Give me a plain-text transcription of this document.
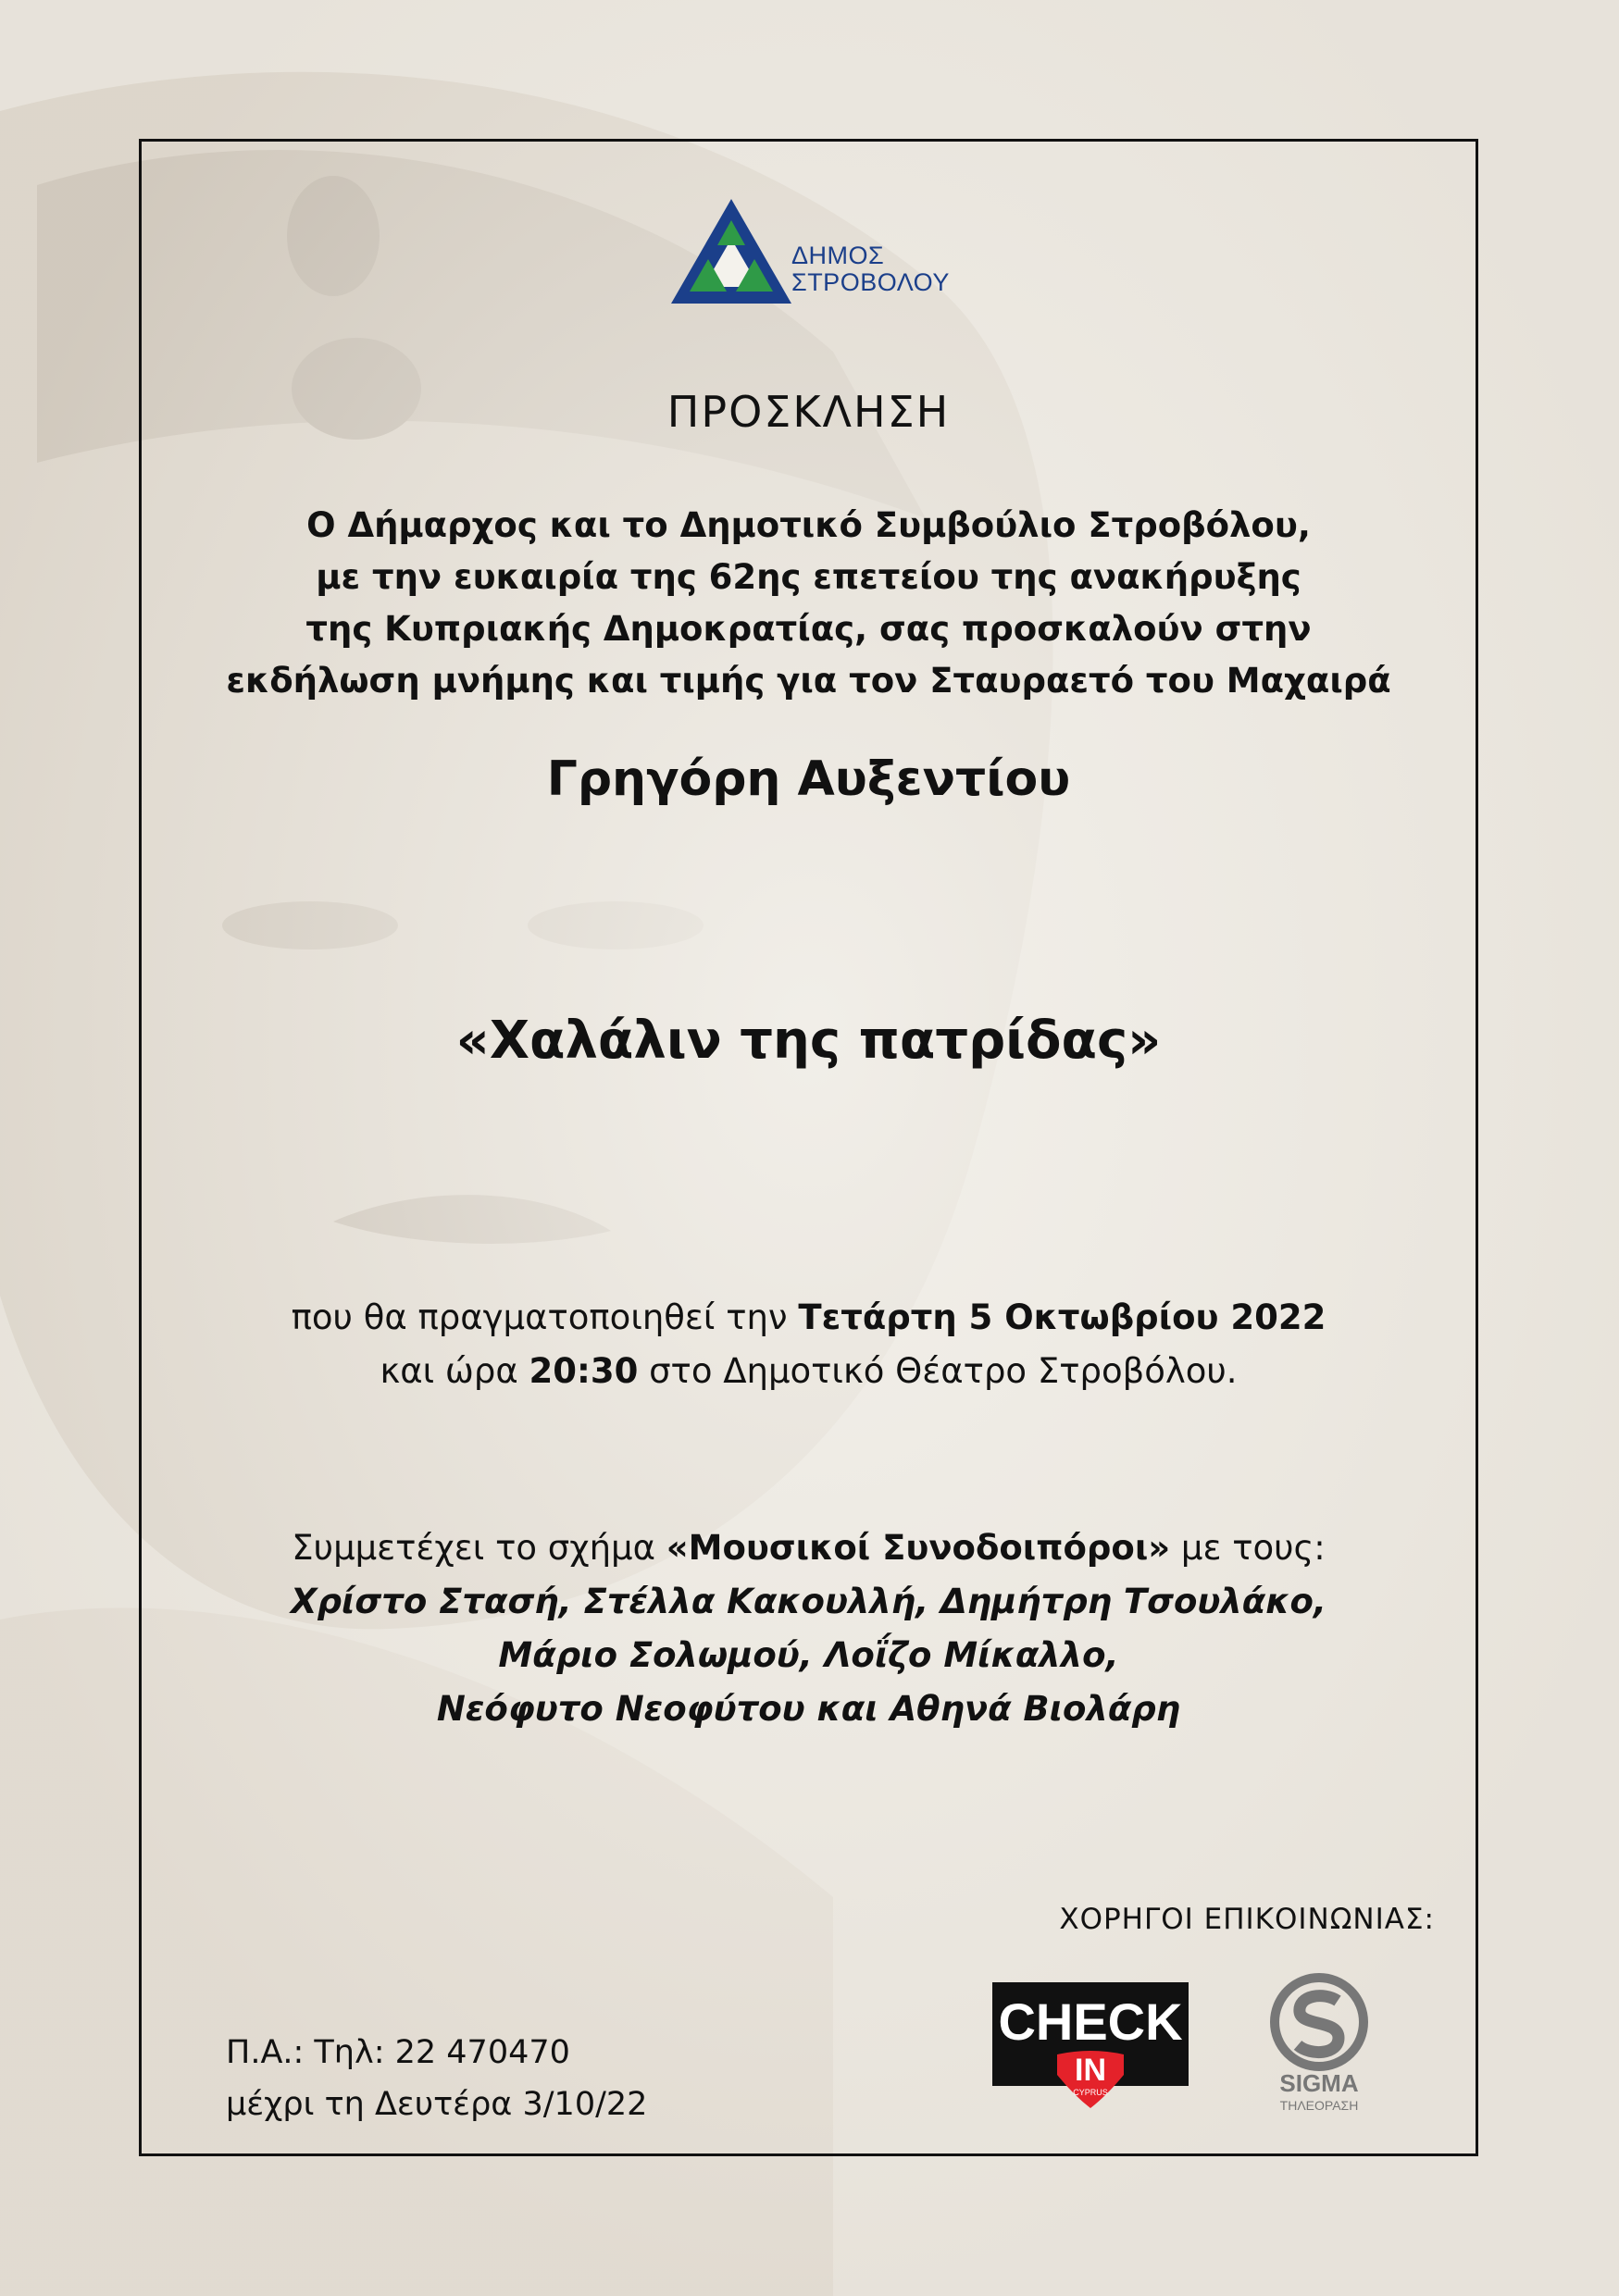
ΔΗΜΟΣ
ΣΤΡΟΒΟΛΟΥ
ΠΡΟΣΚΛΗΣΗ
Ο Δήμαρχος και το Δημοτικό Συμβούλιο Στροβόλου,
με την ευκαιρία της 62ης επετείου της ανακήρυξης
της Κυπριακής Δημοκρατίας, σας προσκαλούν στην
εκδήλωση μνήμης και τιμής για τον Σταυραετό του Μαχαιρά
Γρηγόρη Αυξεντίου
«Χαλάλιν της πατρίδας»
που θα πραγματοποιηθεί την Τετάρτη 5 Οκτωβρίου 2022
και ώρα 20:30 στο Δημοτικό Θέατρο Στροβόλου.
Συμμετέχει το σχήμα «Μουσικοί Συνοδοιπόροι» με τους:
Χρίστο Στασή, Στέλλα Κακουλλή, Δημήτρη Τσουλάκο,
Μάριο Σολωμού, Λοΐζο Μίκαλλο,
Νεόφυτο Νεοφύτου και Αθηνά Βιολάρη
ΧΟΡΗΓΟΙ ΕΠΙΚΟΙΝΩΝΙΑΣ:
Π.Α.: Τηλ: 22 470470
μέχρι τη Δευτέρα 3/10/22
CHECK
IN
CYPRUS	SIGMA
ΤΗΛΕΟΡΑΣΗ
